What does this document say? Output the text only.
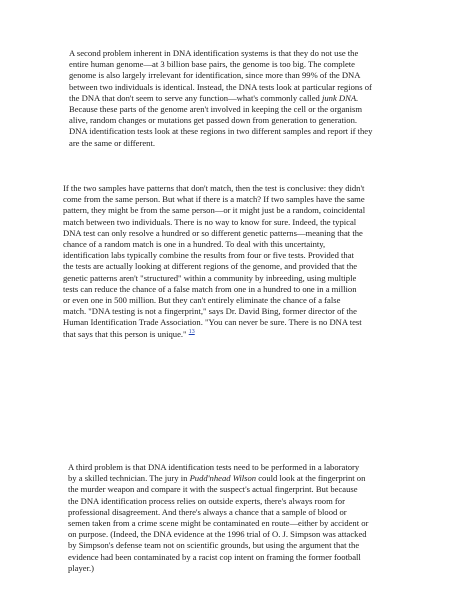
A second problem inherent in DNA identification systems is that they do not use the
entire human genome—at 3 billion base pairs, the genome is too big. The complete
genome is also largely irrelevant for identification, since more than 99% of the DNA
between two individuals is identical. Instead, the DNA tests look at particular regions of
the DNA that don't seem to serve any function—what's commonly called junk DNA.
Because these parts of the genome aren't involved in keeping the cell or the organism
alive, random changes or mutations get passed down from generation to generation.
DNA identification tests look at these regions in two different samples and report if they
are the same or different.
If the two samples have patterns that don't match, then the test is conclusive: they didn't
come from the same person. But what if there is a match? If two samples have the same
pattern, they might be from the same person—or it might just be a random, coincidental
match between two individuals. There is no way to know for sure. Indeed, the typical
DNA test can only resolve a hundred or so different genetic patterns—meaning that the
chance of a random match is one in a hundred. To deal with this uncertainty,
identification labs typically combine the results from four or five tests. Provided that
the tests are actually looking at different regions of the genome, and provided that the
genetic patterns aren't "structured" within a community by inbreeding, using multiple
tests can reduce the chance of a false match from one in a hundred to one in a million
or even one in 500 million. But they can't entirely eliminate the chance of a false
match. "DNA testing is not a fingerprint," says Dr. David Bing, former director of the
Human Identification Trade Association. "You can never be sure. There is no DNA test
that says that this person is unique." $^{13}$
A third problem is that DNA identification tests need to be performed in a laboratory
by a skilled technician. The jury in Pudd'nhead Wilson could look at the fingerprint on
the murder weapon and compare it with the suspect's actual fingerprint. But because
the DNA identification process relies on outside experts, there's always room for
professional disagreement. And there's always a chance that a sample of blood or
semen taken from a crime scene might be contaminated en route—either by accident or
on purpose. (Indeed, the DNA evidence at the 1996 trial of O. J. Simpson was attacked
by Simpson's defense team not on scientific grounds, but using the argument that the
evidence had been contaminated by a racist cop intent on framing the former football
player.)
